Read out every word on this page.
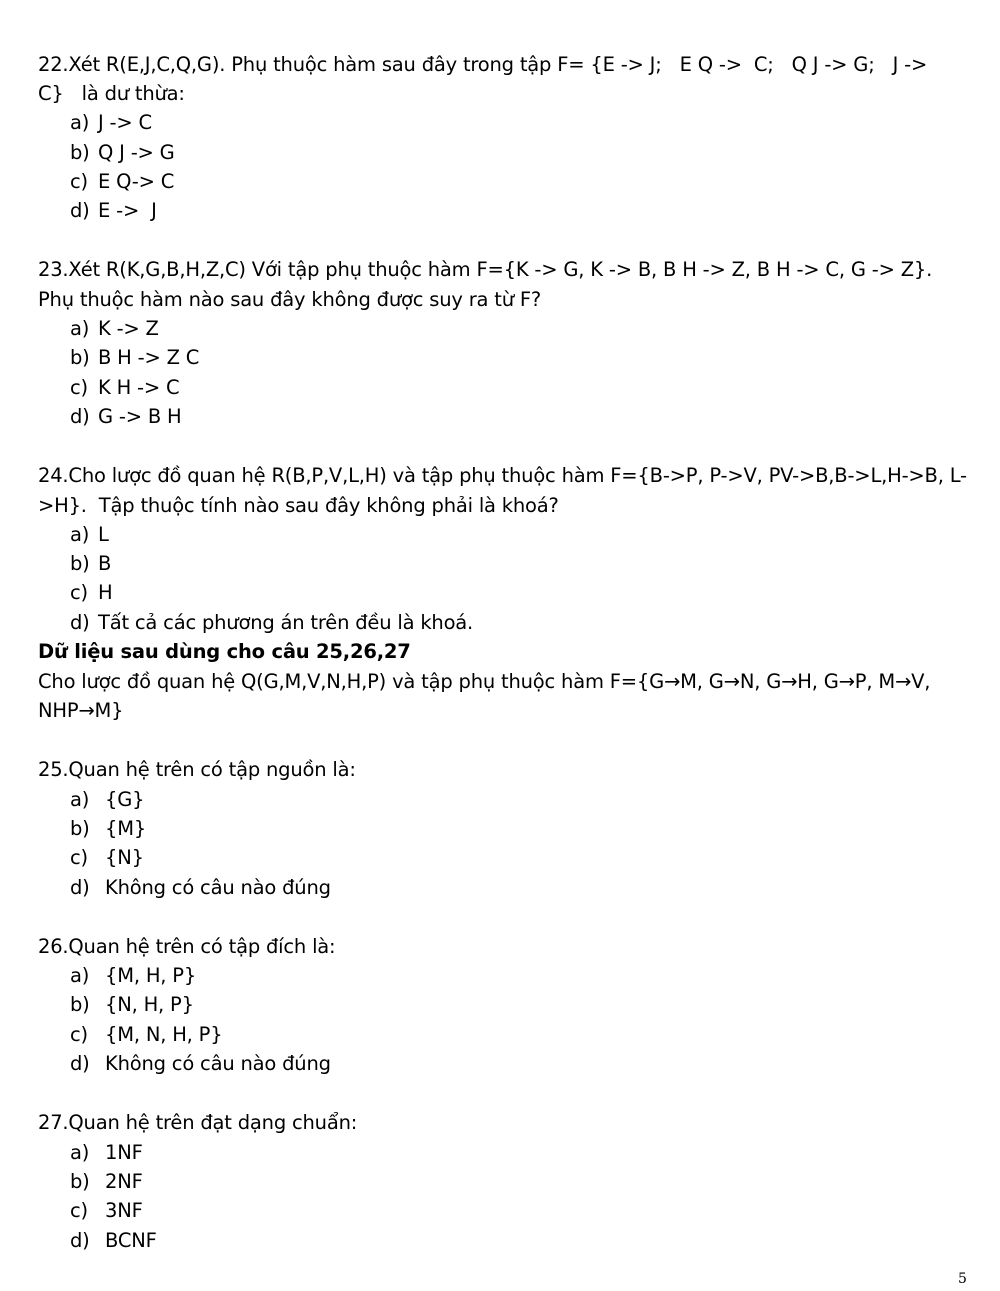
22.Xét R(E,J,C,Q,G). Phụ thuộc hàm sau đây trong tập F= {E -> J;   E Q ->  C;   Q J -> G;   J ->
C}   là dư thừa:
a) J -> C
b) Q J -> G
c) E Q-> C
d) E ->  J
23.Xét R(K,G,B,H,Z,C) Với tập phụ thuộc hàm F={K -> G, K -> B, B H -> Z, B H -> C, G -> Z}.
Phụ thuộc hàm nào sau đây không được suy ra từ F?
a) K -> Z
b) B H -> Z C
c) K H -> C
d) G -> B H
24.Cho lược đồ quan hệ R(B,P,V,L,H) và tập phụ thuộc hàm F={B->P, P->V, PV->B,B->L,H->B, L-
>H}.  Tập thuộc tính nào sau đây không phải là khoá?
a) L
b) B
c) H
d) Tất cả các phương án trên đều là khoá.
Dữ liệu sau dùng cho câu 25,26,27
Cho lược đồ quan hệ Q(G,M,V,N,H,P) và tập phụ thuộc hàm F={G→M, G→N, G→H, G→P, M→V,
NHP→M}
25.Quan hệ trên có tập nguồn là:
a) {G}
b) {M}
c) {N}
d) Không có câu nào đúng
26.Quan hệ trên có tập đích là:
a) {M, H, P}
b) {N, H, P}
c) {M, N, H, P}
d) Không có câu nào đúng
27.Quan hệ trên đạt dạng chuẩn:
a) 1NF
b) 2NF
c) 3NF
d) BCNF
5
